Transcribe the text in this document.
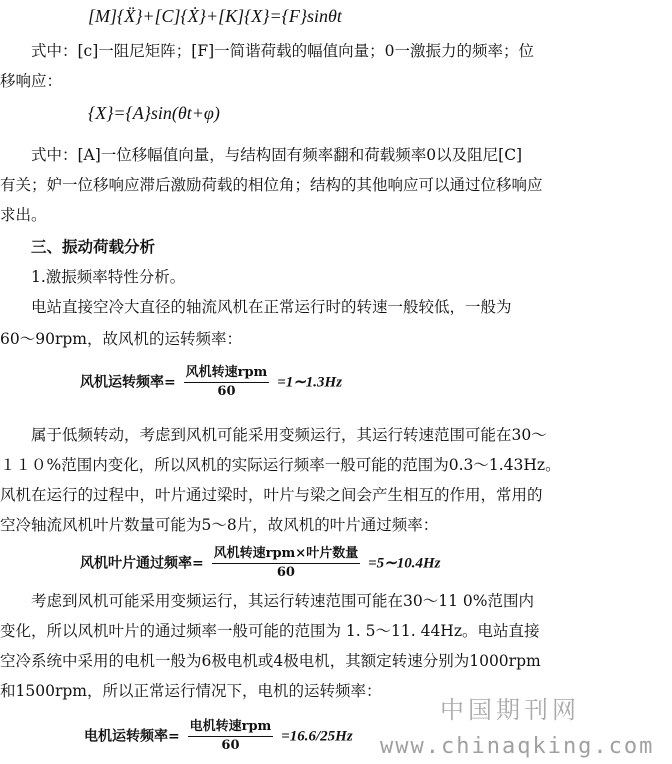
[M]{Ẍ}+[C]{Ẋ}+[K]{X}={F}sinθt
　　式中：[c]一阻尼矩阵；[F]一简谐荷载的幅值向量；0一激振力的频率；位
移响应：
{X}={A}sin(θt+φ)
　　式中：[A]一位移幅值向量，与结构固有频率翻和荷载频率0以及阻尼[C]
有关；妒一位移响应滞后激励荷载的相位角；结构的其他响应可以通过位移响应
求出。
　　三、振动荷载分析
　　1.激振频率特性分析。
　　电站直接空冷大直径的轴流风机在正常运行时的转速一般较低，一般为
60～90rpm，故风机的运转频率：
风机运转频率= $\frac{\text{风机转速rpm}}{60}$ =1∼1.3Hz
　　属于低频转动，考虑到风机可能采用变频运行，其运行转速范围可能在30～
１１０%范围内变化，所以风机的实际运行频率一般可能的范围为0.3～1.43Hz。
风机在运行的过程中，叶片通过梁时，叶片与梁之间会产生相互的作用，常用的
空冷轴流风机叶片数量可能为5～8片，故风机的叶片通过频率：
风机叶片通过频率= $\frac{\text{风机转速rpm×叶片数量}}{60}$ =5∼10.4Hz
　　考虑到风机可能采用变频运行，其运行转速范围可能在30～11 0%范围内
变化，所以风机叶片的通过频率一般可能的范围为 1. 5～11. 44Hz。电站直接
空冷系统中采用的电机一般为6极电机或4极电机，其额定转速分别为1000rpm
和1500rpm，所以正常运行情况下，电机的运转频率：
电机运转频率= $\frac{\text{电机转速rpm}}{60} =16.6/25Hz$
中国期刊网
www.chinaqking.com
